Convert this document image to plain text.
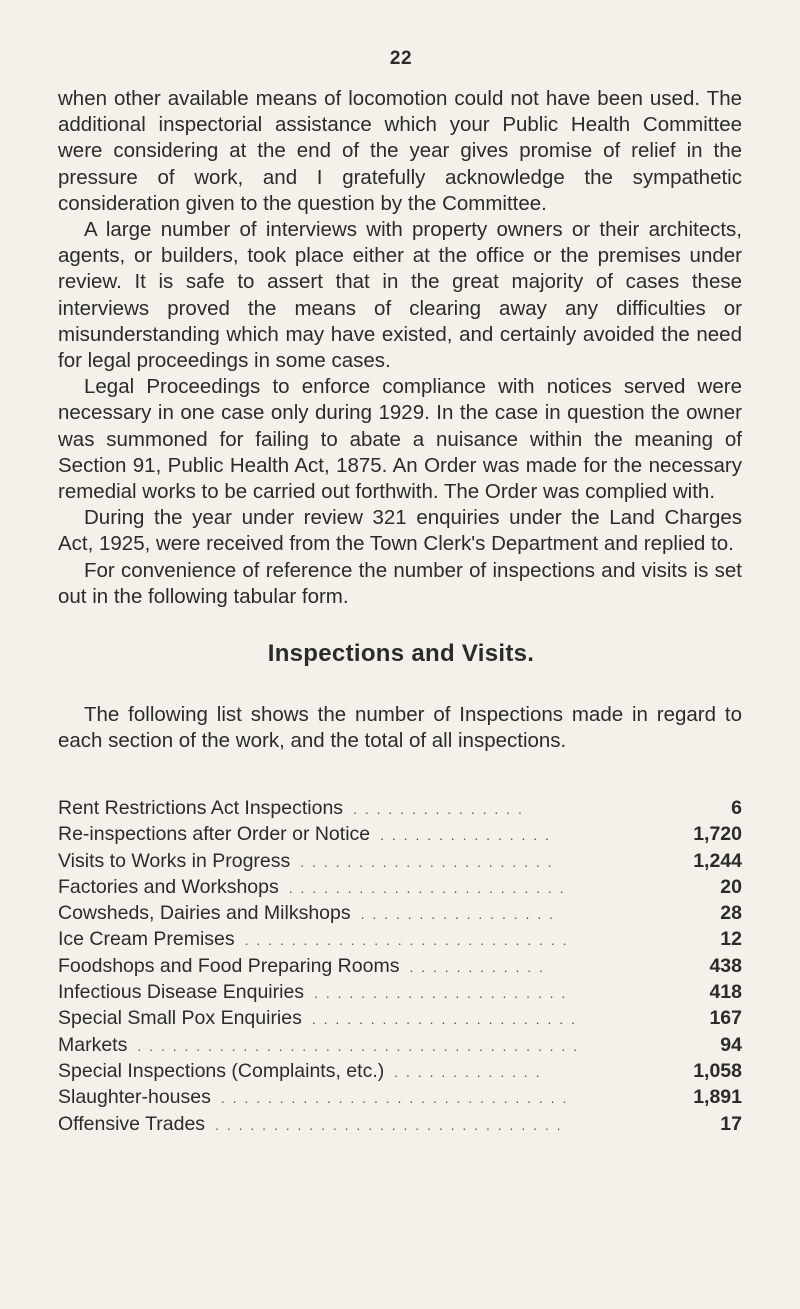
22

when other available means of locomotion could not have been used. The additional inspectorial assistance which your Public Health Committee were considering at the end of the year gives promise of relief in the pressure of work, and I gratefully acknowledge the sympathetic consideration given to the question by the Committee.

A large number of interviews with property owners or their architects, agents, or builders, took place either at the office or the premises under review. It is safe to assert that in the great majority of cases these interviews proved the means of clearing away any difficulties or misunderstanding which may have existed, and certainly avoided the need for legal proceedings in some cases.

Legal Proceedings to enforce compliance with notices served were necessary in one case only during 1929. In the case in question the owner was summoned for failing to abate a nuisance within the meaning of Section 91, Public Health Act, 1875. An Order was made for the necessary remedial works to be carried out forthwith. The Order was complied with.

During the year under review 321 enquiries under the Land Charges Act, 1925, were received from the Town Clerk's Department and replied to.

For convenience of reference the number of inspections and visits is set out in the following tabular form.

Inspections and Visits.
The following list shows the number of Inspections made in regard to each section of the work, and the total of all inspections.
Rent Restrictions Act Inspections . . . . . . . . . . . . . . .	6
Re-inspections after Order or Notice . . . . . . . . . . . . . . .	1,720
Visits to Works in Progress . . . . . . . . . . . . . . . . . . . . . .	1,244
Factories and Workshops . . . . . . . . . . . . . . . . . . . . . . . .	20
Cowsheds, Dairies and Milkshops . . . . . . . . . . . . . . . . .	28
Ice Cream Premises . . . . . . . . . . . . . . . . . . . . . . . . . . . .	12
Foodshops and Food Preparing Rooms . . . . . . . . . . . .	438
Infectious Disease Enquiries . . . . . . . . . . . . . . . . . . . . . .	418
Special Small Pox Enquiries . . . . . . . . . . . . . . . . . . . . . . .	167
Markets . . . . . . . . . . . . . . . . . . . . . . . . . . . . . . . . . . . . . .	94
Special Inspections (Complaints, etc.) . . . . . . . . . . . . .	1,058
Slaughter-houses . . . . . . . . . . . . . . . . . . . . . . . . . . . . . .	1,891
Offensive Trades . . . . . . . . . . . . . . . . . . . . . . . . . . . . . .	17
